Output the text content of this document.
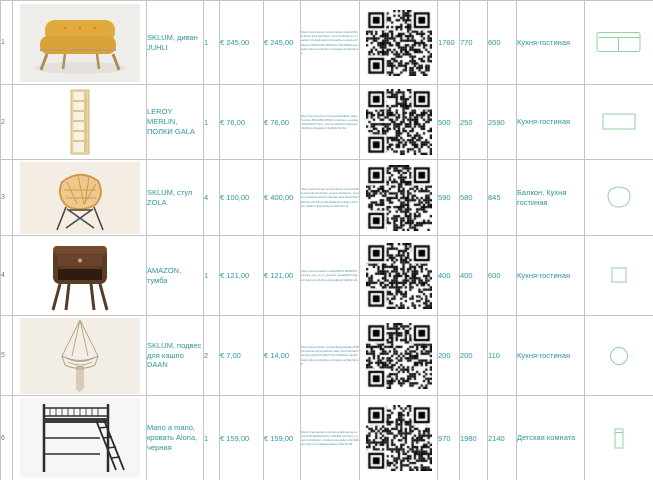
1		SKLUM, диван JUHLI	1	€ 245,00	€ 245,00	https://www.sklum.com/ru/kupit-divan/24519-divan-juhli.html?utm_source=list&utm_medium=share&variant=amarillo-mostaza-176&ref=FNDC5481-9917&cur=EUR&lang=ru&qty=1&room=kitchen-living&pos=1&chk=a1		1760	770	600	Кухня-гостиная	
2		LEROY MERLIN, ПОЛКИ GALA	1	€ 76,00	€ 76,00	https://leroymerlin.ru/product/stellazh-gala-5-polok-500x250x2590-mm-derevo-svetloe-82049317/?utm_source=list&pos=2&room=kitchen-living&cur=EUR&chk=b2		500	250	2590	Кухня-гостиная	
3		SKLUM, стул ZOLA	4	€ 100,00	€ 400,00	https://www.sklum.com/ru/kupit-stulya/31480-stul-zola.html?utm_source=list&utm_medium=share&variant=natural-rattan&ref=GHJD2210-4471&cur=EUR&lang=ru&qty=4&room=balkon-kitchen&pos=3&chk=c3		590	580	845	Балкон, Кухня гостиная	
4		AMAZON, тумба	1	€ 121,00	€ 121,00	https://www.amazon.es/dp/B07XJ8C8F5?ref=ppx_pop_dt_b_product_details&th=1&psc=1&room=kitchen-living&pos=4&chk=d4		400	400	600	Кухня-гостиная	
5		SKLUM, подвес для кашпо DAAN	2	€ 7,00	€ 14,00	https://www.sklum.com/ru/kupit-kashpo/55810-podves-dlya-kashpo-daan.html?variant=bezheviy&ref=KLMD7713-0042&cur=EUR&qty=2&room=kitchen-living&pos=5&chk=e5		200	200	110	Кухня-гостиная	
6		Mano a mano, кровать Alona, черная	1	€ 159,00	€ 159,00	https://manoamano.es/cama-alta-alona-negra-970x1980x2140-p-204481.html?utm_source=list&utm_medium=share&cur=EUR&qty=1&room=detskaya&pos=6&chk=f6		970	1980	2140	Детская комната	
